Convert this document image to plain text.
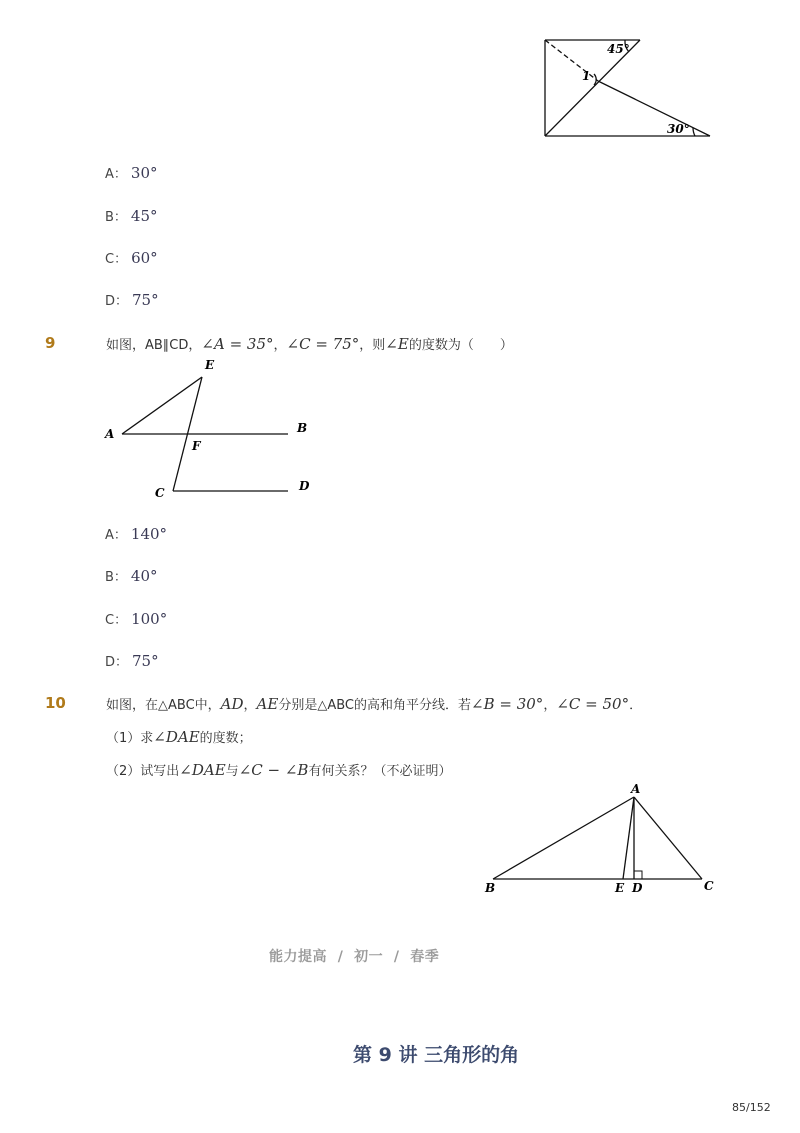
45°
1
30°
A： 30°
B： 45°
C： 60°
D： 75°
9	如图，AB∥CD，∠A = 35°，∠C = 75°，则∠E的度数为（　　）
E
A	B
F
C	D
A： 140°
B： 40°
C： 100°
D： 75°
10	如图，在△ABC中，AD，AE分别是△ABC的高和角平分线．若∠B = 30°，∠C = 50°．
（1）求∠DAE的度数；
（2）试写出∠DAE与∠C − ∠B有何关系？（不必证明）
A
B	E D	C
能力提高  /  初一  /  春季
第 9 讲 三角形的角
85/152
